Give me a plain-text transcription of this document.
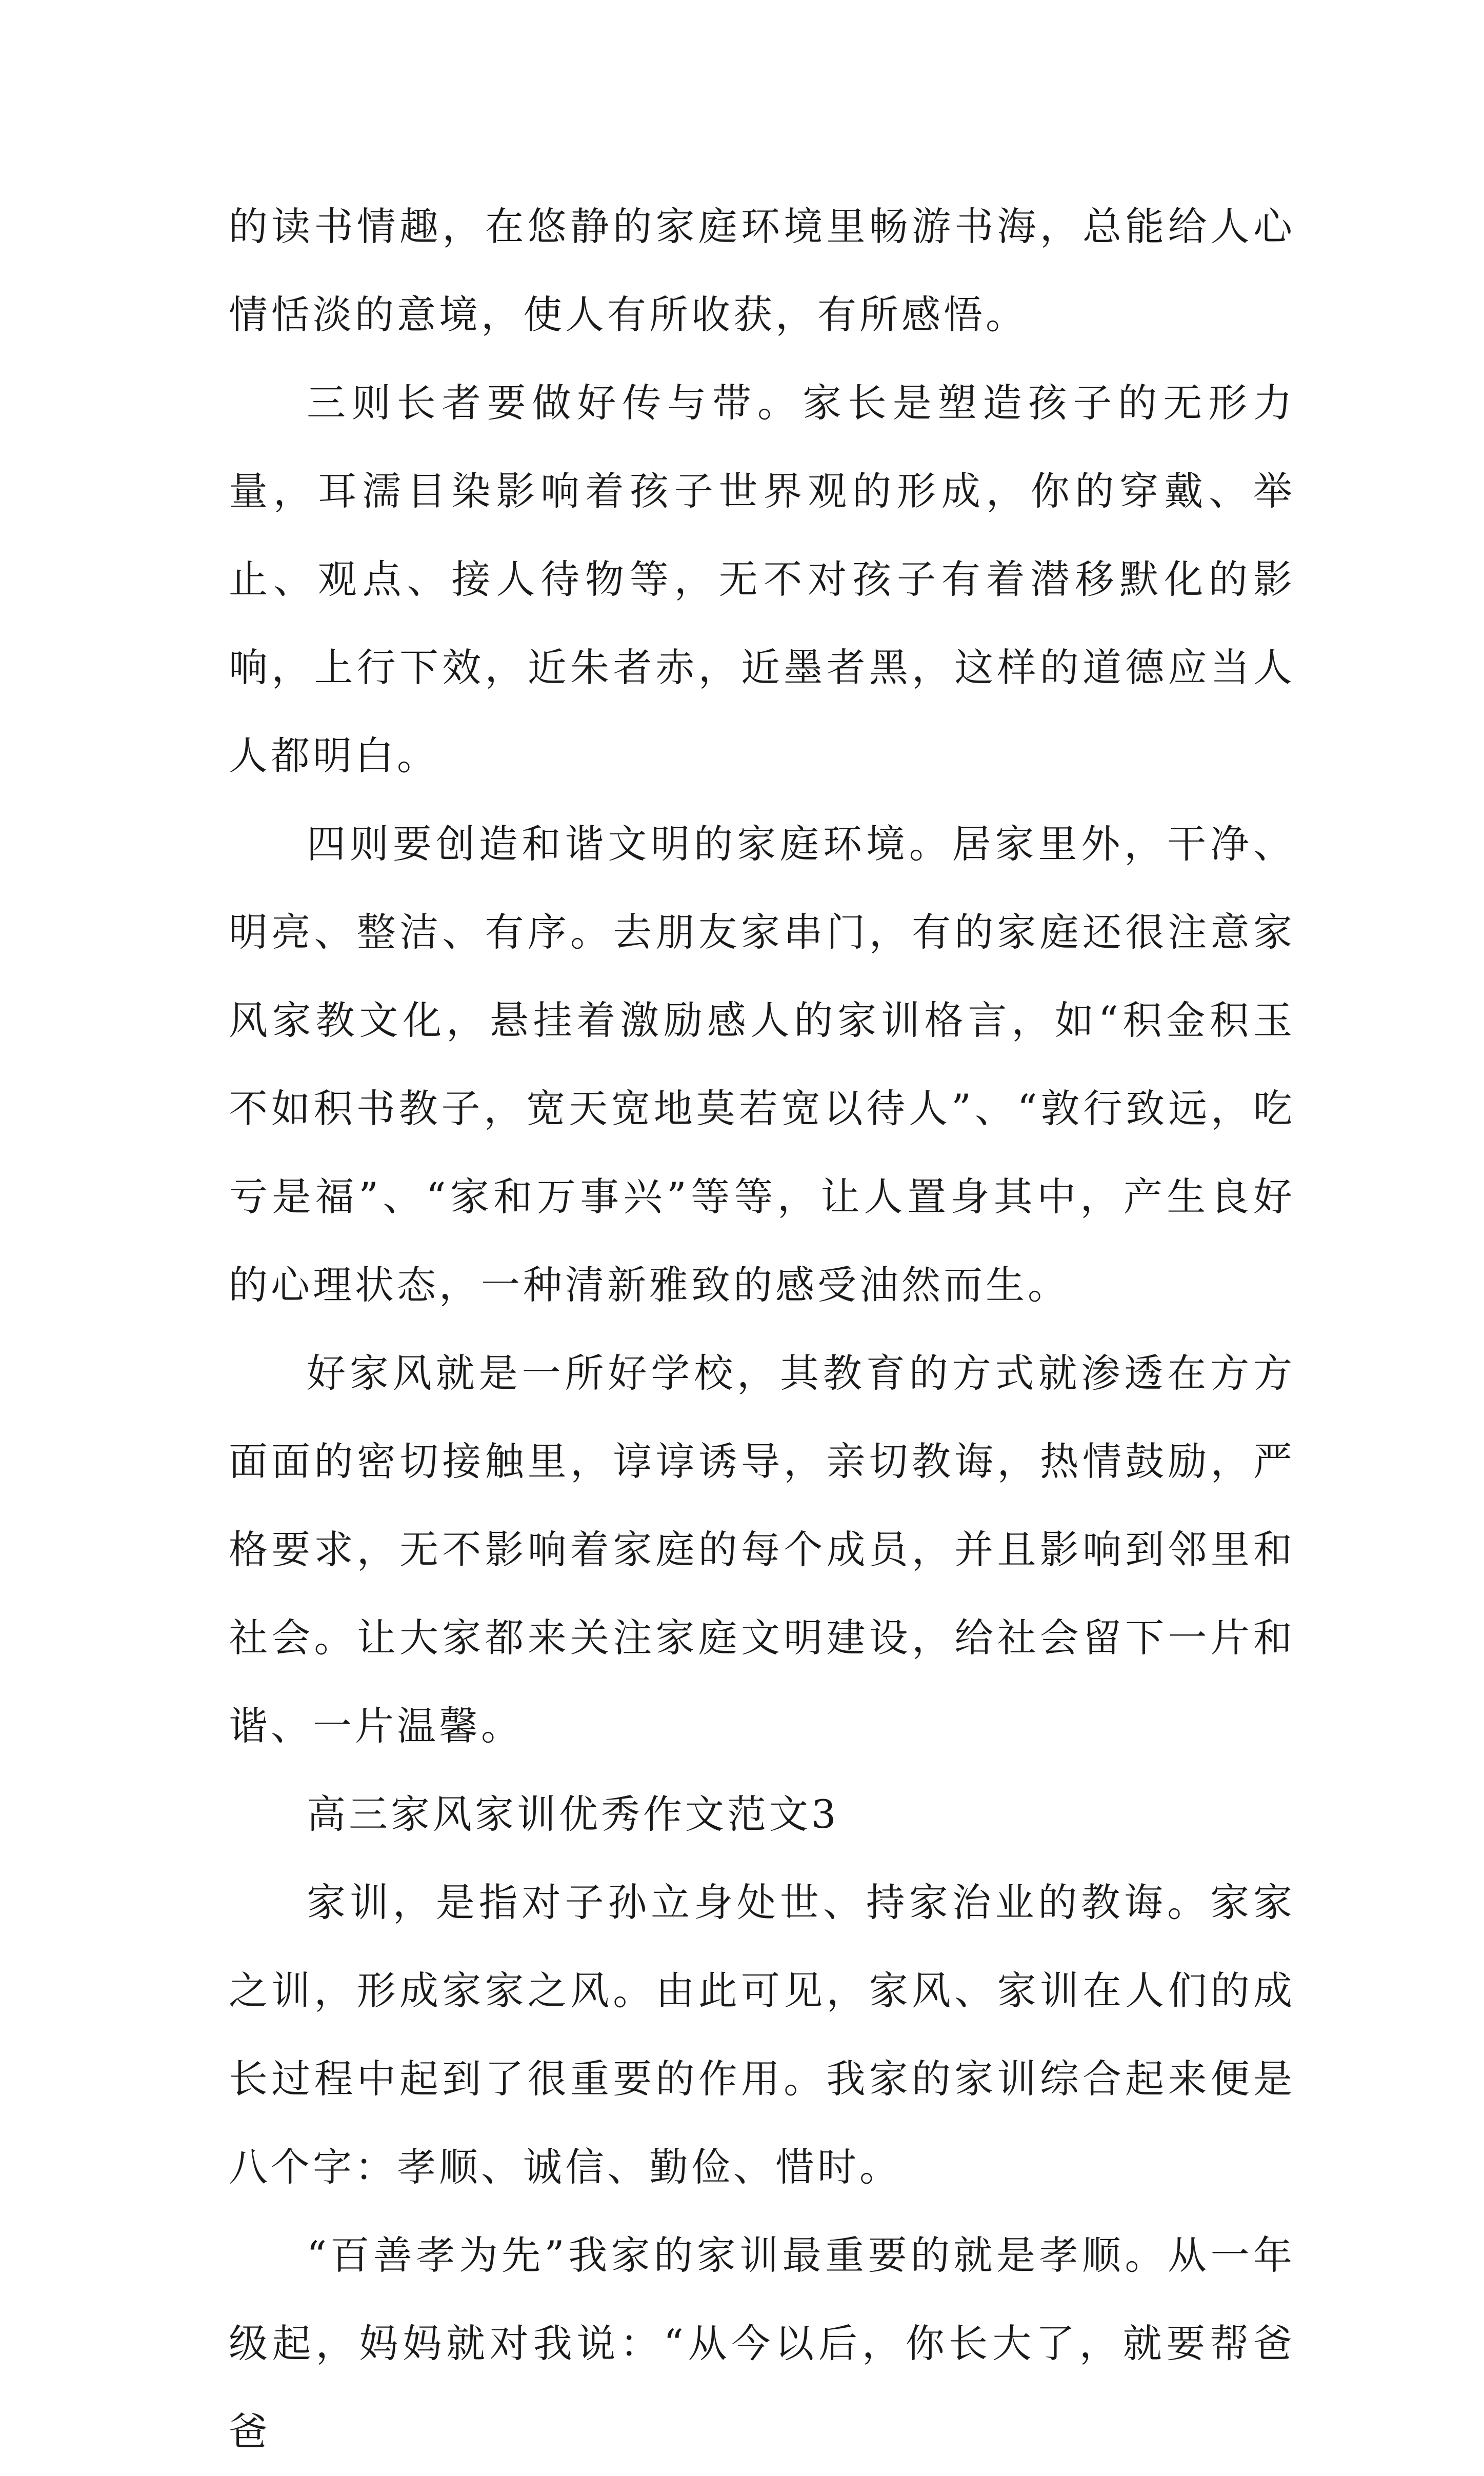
的读书情趣，在悠静的家庭环境里畅游书海，总能给人心情恬淡的意境，使人有所收获，有所感悟。

三则长者要做好传与带。家长是塑造孩子的无形力量，耳濡目染影响着孩子世界观的形成，你的穿戴、举止、观点、接人待物等，无不对孩子有着潜移默化的影响，上行下效，近朱者赤，近墨者黑，这样的道德应当人人都明白。

四则要创造和谐文明的家庭环境。居家里外，干净、明亮、整洁、有序。去朋友家串门，有的家庭还很注意家风家教文化，悬挂着激励感人的家训格言，如“积金积玉不如积书教子，宽天宽地莫若宽以待人”、“敦行致远，吃亏是福”、“家和万事兴”等等，让人置身其中，产生良好的心理状态，一种清新雅致的感受油然而生。

好家风就是一所好学校，其教育的方式就渗透在方方面面的密切接触里，谆谆诱导，亲切教诲，热情鼓励，严格要求，无不影响着家庭的每个成员，并且影响到邻里和社会。让大家都来关注家庭文明建设，给社会留下一片和谐、一片温馨。

高三家风家训优秀作文范文3

家训，是指对子孙立身处世、持家治业的教诲。家家之训，形成家家之风。由此可见，家风、家训在人们的成长过程中起到了很重要的作用。我家的家训综合起来便是八个字：孝顺、诚信、勤俭、惜时。

“百善孝为先”我家的家训最重要的就是孝顺。从一年级起，妈妈就对我说：“从今以后，你长大了，就要帮爸爸
